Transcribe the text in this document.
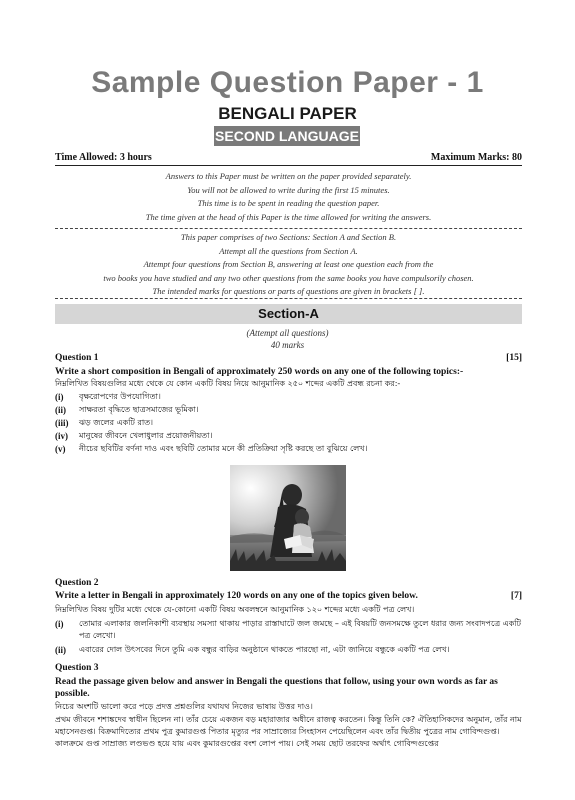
Sample Question Paper - 1
BENGALI PAPER
SECOND LANGUAGE
Time Allowed: 3 hours	Maximum Marks: 80
Answers to this Paper must be written on the paper provided separately.
You will not be allowed to write during the first 15 minutes.
This time is to be spent in reading the question paper.
The time given at the head of this Paper is the time allowed for writing the answers.
This paper comprises of two Sections: Section A and Section B.
Attempt all the questions from Section A.
Attempt four questions from Section B, answering at least one question each from the
two books you have studied and any two other questions from the same books you have compulsorily chosen.
The intended marks for questions or parts of questions are given in brackets [ ].
Section-A
(Attempt all questions)
40 marks
Question 1	[15]
Write a short composition in Bengali of approximately 250 words on any one of the following topics:-
নিম্নলিখিত বিষয়গুলির মধ্যে থেকে যে কোন একটি বিষয় নিয়ে আনুমানিক ২৫০ শব্দের একটি প্রবন্ধ রচনা কর:-
(i)	বৃক্ষরোপণের উপযোগিতা।
(ii)	সাক্ষরতা বৃদ্ধিতে ছাত্রসমাজের ভূমিকা।
(iii)	ঝড় জলের একটি রাত।
(iv)	মানুষের জীবনে খেলাধুলার প্রয়োজনীয়তা।
(v)	নীচের ছবিটির বর্ণনা দাও এবং ছবিটি তোমার মনে কী প্রতিক্রিয়া সৃষ্টি করছে তা বুঝিয়ে লেখ।
Question 2
Write a letter in Bengali in approximately 120 words on any one of the topics given below.	[7]
নিম্নলিখিত বিষয় দুটির মধ্যে থেকে যে-কোনো একটি বিষয় অবলম্বনে আনুমানিক ১২০ শব্দের মধ্যে একটি পত্র লেখ।
(i)	তোমার এলাকার জলনিকাশী ব্যবস্থায় সমস্যা থাকায় পাড়ার রাস্তাঘাটে জল জমছে – এই বিষয়টি জনসমক্ষে তুলে ধরার জন্য সংবাদপত্রে একটি পত্র লেখো।
(ii)	এবারের দোল উৎসবের দিনে তুমি এক বন্ধুর বাড়ির অনুষ্ঠানে থাকতে পারছো না, এটা জানিয়ে বন্ধুকে একটি পত্র লেখ।
Question 3
Read the passage given below and answer in Bengali the questions that follow, using your own words as far as possible.
নিচের অংশটি ভালো করে পড়ে প্রদত্ত প্রশ্নগুলির যথাযথ নিজের ভাষায় উত্তর দাও।
প্রথম জীবনে শশাঙ্কদেব স্বাধীন ছিলেন না। তাঁর চেয়ে একজন বড় মহারাজার অধীনে রাজত্ব করতেন। কিন্তু তিনি কে? ঐতিহাসিকদের অনুমান, তাঁর নাম মহাসেনগুপ্ত। বিক্রমাদিত্যের প্রথম পুত্র কুমারগুপ্ত পিতার মৃত্যুর পর সাম্রাজ্যের সিংহাসন পেয়েছিলেন এবং তাঁর দ্বিতীয় পুত্রের নাম গোবিন্দগুপ্ত। কালক্রমে গুপ্ত সাম্রাজ্য লণ্ডভণ্ড হয়ে যায় এবং কুমারগুপ্তের বংশ লোপ পায়। সেই সময় ছোট তরফের অর্থাৎ গোবিন্দগুপ্তের
